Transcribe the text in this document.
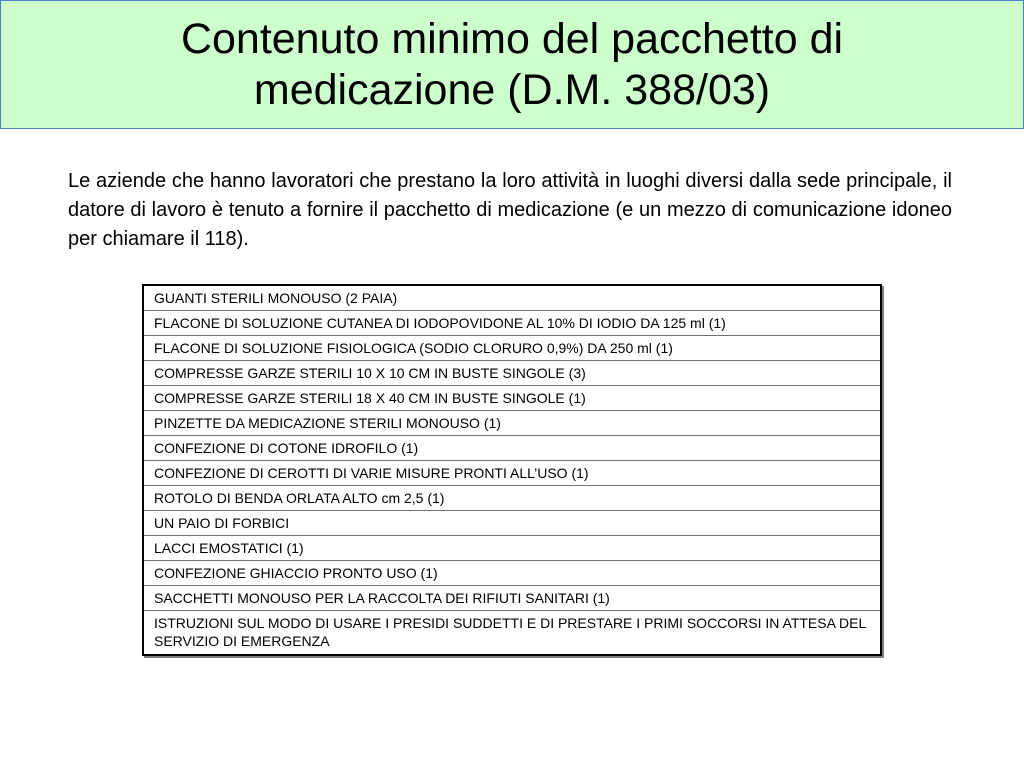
Contenuto minimo del pacchetto di
medicazione (D.M. 388/03)

Le aziende che hanno lavoratori che prestano la loro attività in luoghi diversi dalla sede principale, il datore di lavoro è tenuto a fornire il pacchetto di medicazione (e un mezzo di comunicazione idoneo per chiamare il 118).

GUANTI STERILI MONOUSO (2 PAIA)
FLACONE DI SOLUZIONE CUTANEA DI IODOPOVIDONE AL 10% DI IODIO DA 125 ml (1)
FLACONE DI SOLUZIONE FISIOLOGICA (SODIO CLORURO 0,9%) DA 250 ml (1)
COMPRESSE GARZE STERILI 10 X 10 CM IN BUSTE SINGOLE (3)
COMPRESSE GARZE STERILI 18 X 40 CM IN BUSTE SINGOLE (1)
PINZETTE DA MEDICAZIONE STERILI MONOUSO (1)
CONFEZIONE DI COTONE IDROFILO (1)
CONFEZIONE DI CEROTTI DI VARIE MISURE PRONTI ALL’USO (1)
ROTOLO DI BENDA ORLATA ALTO cm 2,5 (1)
UN PAIO DI FORBICI
LACCI EMOSTATICI (1)
CONFEZIONE GHIACCIO PRONTO USO (1)
SACCHETTI MONOUSO PER LA RACCOLTA DEI RIFIUTI SANITARI (1)
ISTRUZIONI SUL MODO DI USARE I PRESIDI SUDDETTI E DI PRESTARE I PRIMI SOCCORSI IN ATTESA DEL SERVIZIO DI EMERGENZA
